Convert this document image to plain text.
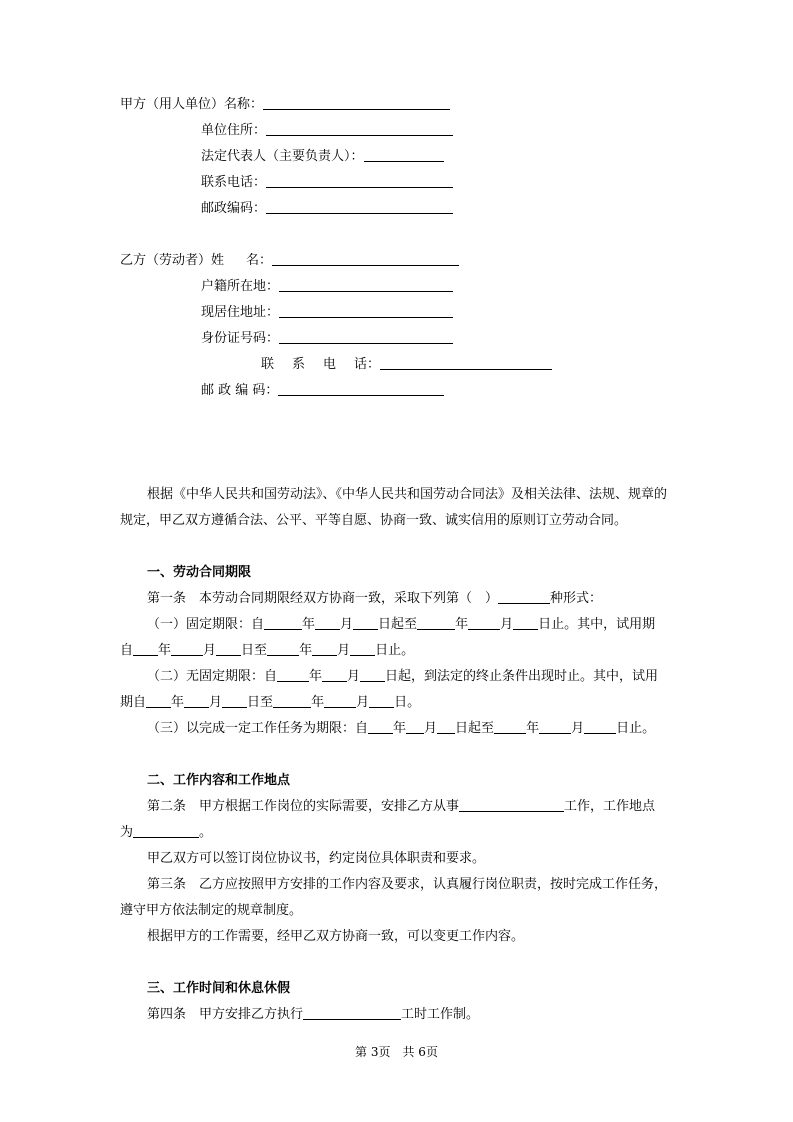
甲方（用人单位）名称：
单位住所：
法定代表人（主要负责人）：
联系电话：
邮政编码：
乙方（劳动者）姓 名：
户籍所在地：
现居住地址：
身份证号码：
联 系 电 话：
邮 政 编 码：
根据《中华人民共和国劳动法》、《中华人民共和国劳动合同法》及相关法律、法规、规章的
规定，甲乙双方遵循合法、公平、平等自愿、协商一致、诚实信用的原则订立劳动合同。
一、劳动合同期限
第一条　本劳动合同期限经双方协商一致，采取下列第（　）	种形式：
（一）固定期限：自	年 月 日起至	年 月 日止。其中，试用期
自 年 月 日至 年 月 日止。
（二）无固定期限：自 年 月 日起，到法定的终止条件出现时止。其中，试用
期自 年 月 日至	年 月 日。
（三）以完成一定工作任务为期限：自 年 月 日起至 年 月 日止。
二、工作内容和工作地点
第二条　甲方根据工作岗位的实际需要，安排乙方从事	工作，工作地点
为	。
甲乙双方可以签订岗位协议书，约定岗位具体职责和要求。
第三条　乙方应按照甲方安排的工作内容及要求，认真履行岗位职责，按时完成工作任务，
遵守甲方依法制定的规章制度。
根据甲方的工作需要，经甲乙双方协商一致，可以变更工作内容。
三、工作时间和休息休假
第四条　甲方安排乙方执行	工时工作制。
第 3页　共 6页
